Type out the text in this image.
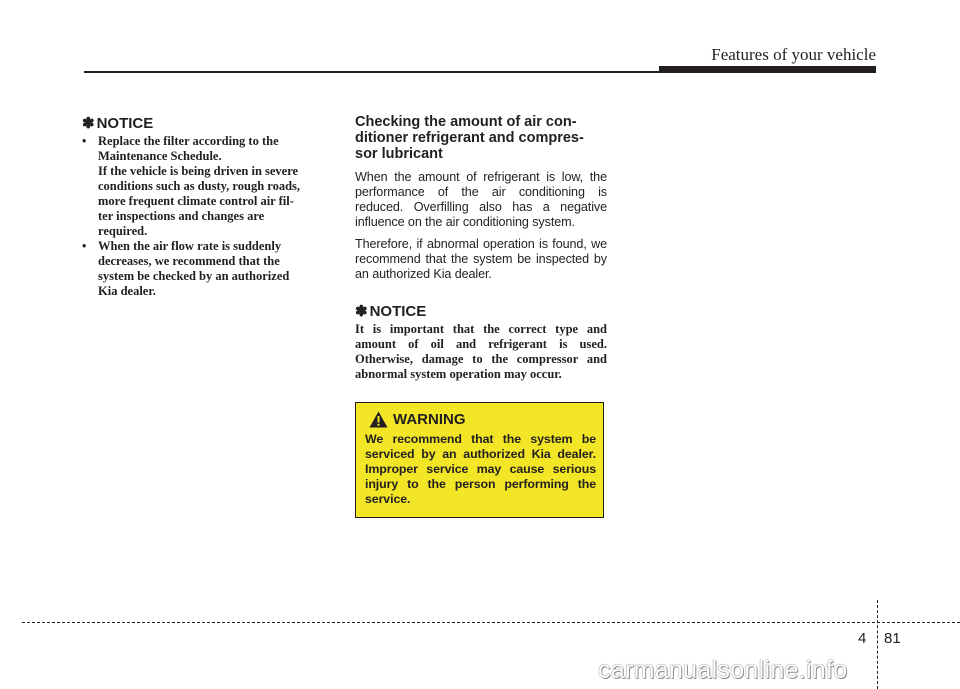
Features of your vehicle
✽ NOTICE
• Replace the filter according to the
Maintenance Schedule.
If the vehicle is being driven in severe
conditions such as dusty, rough roads,
more frequent climate control air fil-
ter inspections and changes are
required.
• When the air flow rate is suddenly
decreases, we recommend that the
system be checked by an authorized
Kia dealer.
Checking the amount of air con-
ditioner refrigerant and compres-
sor lubricant

When the amount of refrigerant is low, the performance of the air conditioning is reduced. Overfilling also has a negative influence on the air conditioning system.

Therefore, if abnormal operation is found, we recommend that the system be inspected by an authorized Kia dealer.

✽ NOTICE

It is important that the correct type and amount of oil and refrigerant is used. Otherwise, damage to the compressor and abnormal system operation may occur.

WARNING

We recommend that the system be serviced by an authorized Kia dealer. Improper service may cause serious injury to the person performing the service.

4 81
carmanualsonline.info
